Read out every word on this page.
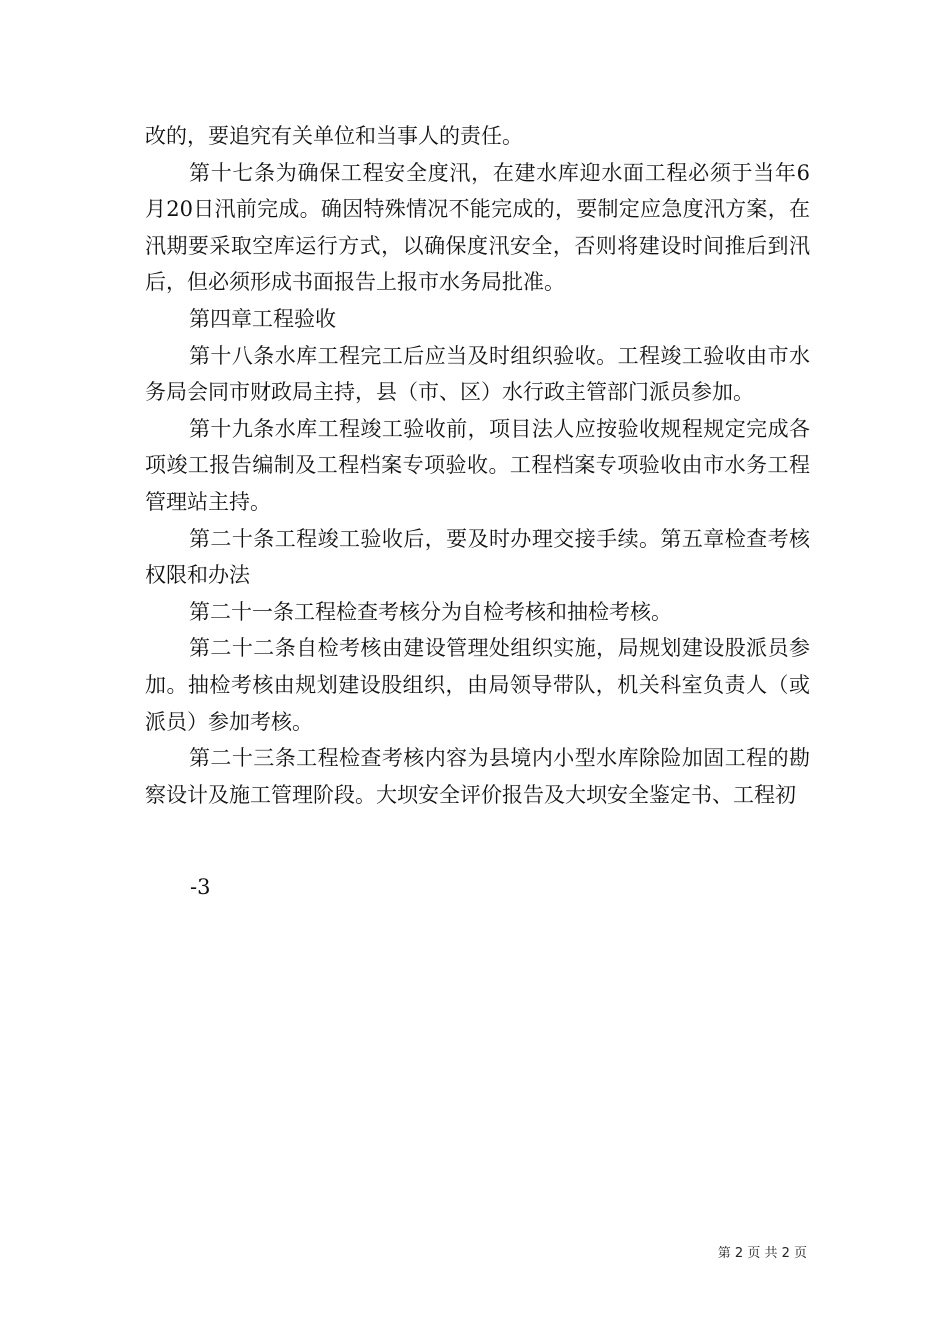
改的，要追究有关单位和当事人的责任。

第十七条为确保工程安全度汛，在建水库迎水面工程必须于当年6月20日汛前完成。确因特殊情况不能完成的，要制定应急度汛方案，在汛期要采取空库运行方式，以确保度汛安全，否则将建设时间推后到汛后，但必须形成书面报告上报市水务局批准。

第四章工程验收

第十八条水库工程完工后应当及时组织验收。工程竣工验收由市水务局会同市财政局主持，县（市、区）水行政主管部门派员参加。

第十九条水库工程竣工验收前，项目法人应按验收规程规定完成各项竣工报告编制及工程档案专项验收。工程档案专项验收由市水务工程管理站主持。

第二十条工程竣工验收后，要及时办理交接手续。第五章检查考核权限和办法

第二十一条工程检查考核分为自检考核和抽检考核。

第二十二条自检考核由建设管理处组织实施，局规划建设股派员参加。抽检考核由规划建设股组织，由局领导带队，机关科室负责人（或派员）参加考核。

第二十三条工程检查考核内容为县境内小型水库除险加固工程的勘察设计及施工管理阶段。大坝安全评价报告及大坝安全鉴定书、工程初

-3
第 2 页 共 2 页
